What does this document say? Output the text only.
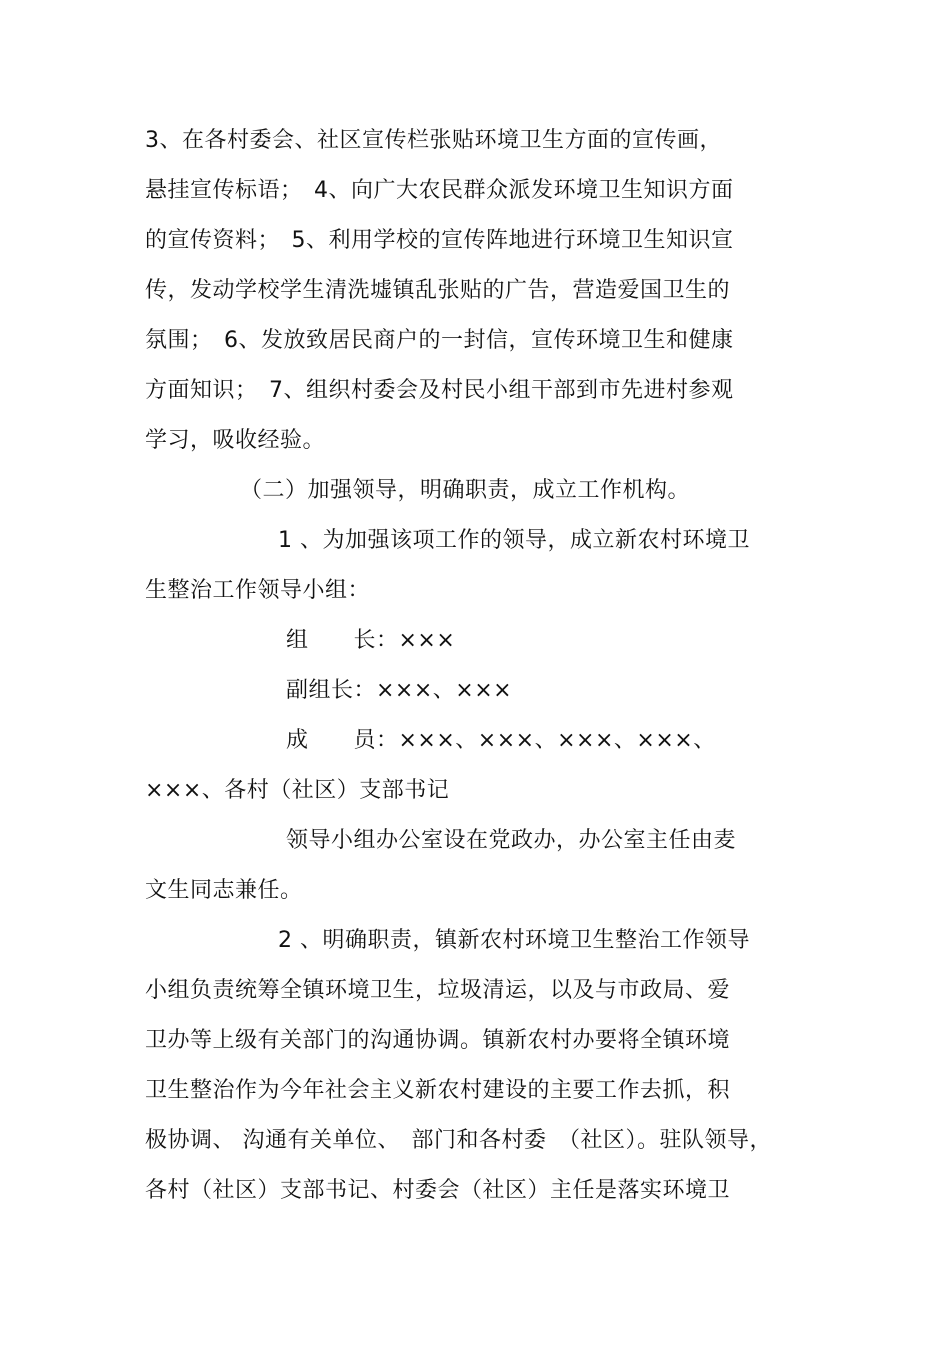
3、在各村委会、社区宣传栏张贴环境卫生方面的宣传画，
悬挂宣传标语；　4、向广大农民群众派发环境卫生知识方面
的宣传资料；　5、利用学校的宣传阵地进行环境卫生知识宣
传，发动学校学生清洗墟镇乱张贴的广告，营造爱国卫生的
氛围；　6、发放致居民商户的一封信，宣传环境卫生和健康
方面知识；　7、组织村委会及村民小组干部到市先进村参观
学习，吸收经验。
（二）加强领导，明确职责，成立工作机构。
1 、为加强该项工作的领导，成立新农村环境卫
生整治工作领导小组：
组　　长：×××
副组长：×××、×××
成　　员：×××、×××、×××、×××、
×××、各村（社区）支部书记
领导小组办公室设在党政办，办公室主任由麦
文生同志兼任。
2 、明确职责，镇新农村环境卫生整治工作领导
小组负责统筹全镇环境卫生，垃圾清运，以及与市政局、爱
卫办等上级有关部门的沟通协调。镇新农村办要将全镇环境
卫生整治作为今年社会主义新农村建设的主要工作去抓，积
极协调、 沟通有关单位、　部门和各村委　（社区）。驻队领导，
各村（社区）支部书记、村委会（社区）主任是落实环境卫
